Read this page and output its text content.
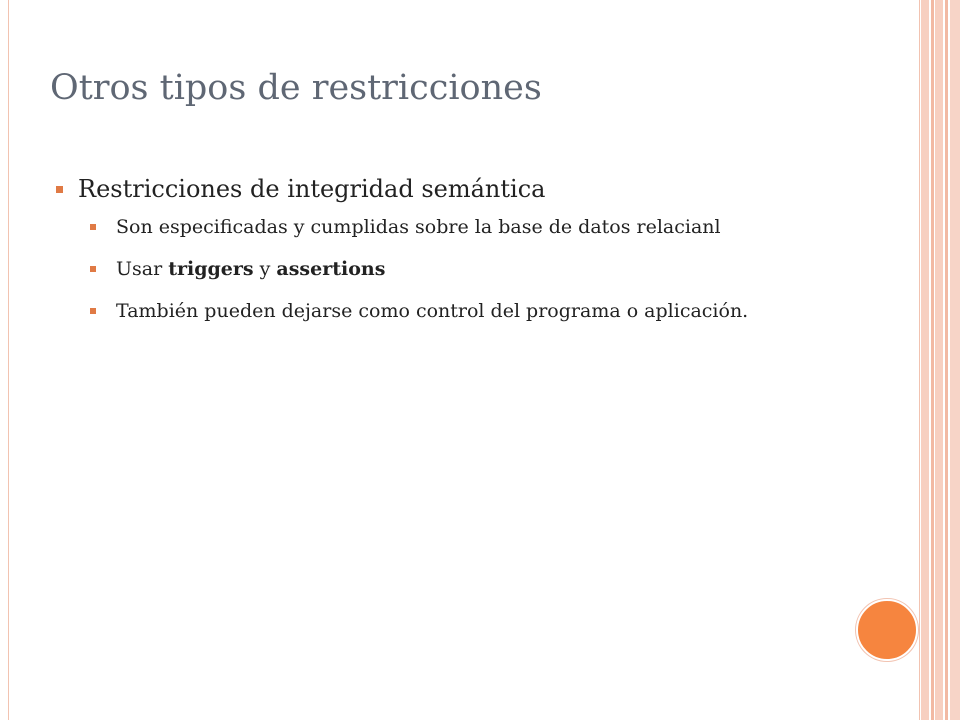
Otros tipos de restricciones
Restricciones de integridad semántica
Son especificadas y cumplidas sobre la base de datos relacianl
Usar triggers y assertions
También pueden dejarse como control del programa o aplicación.
